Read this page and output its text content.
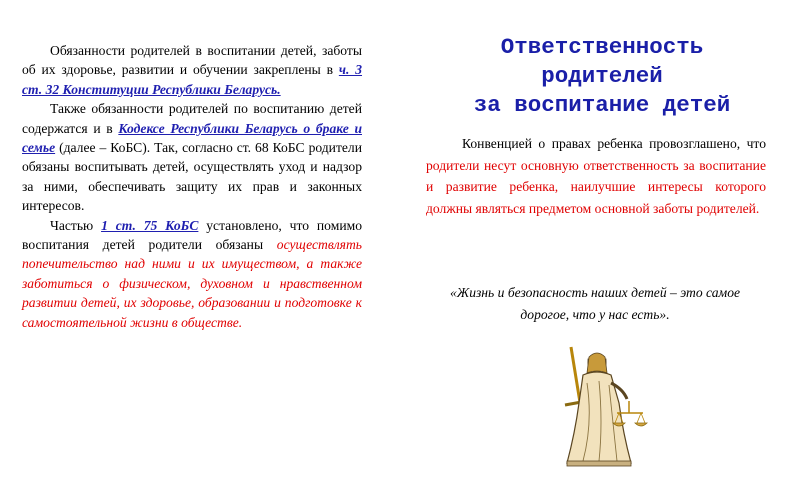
Обязанности родителей в воспитании детей, заботы об их здоровье, развитии и обучении закреплены в ч. 3 ст. 32 Конституции Республики Беларусь.

Также обязанности родителей по воспитанию детей содержатся и в Кодексе Республики Беларусь о браке и семье (далее – КоБС). Так, согласно ст. 68 КоБС родители обязаны воспитывать детей, осуществлять уход и надзор за ними, обеспечивать защиту их прав и законных интересов.

Частью 1 ст. 75 КоБС установлено, что помимо воспитания детей родители обязаны осуществлять попечительство над ними и их имуществом, а также заботиться о физическом, духовном и нравственном развитии детей, их здоровье, образовании и подготовке к самостоятельной жизни в обществе.

Ответственность
родителей
за воспитание детей

Конвенцией о правах ребенка провозглашено, что родители несут основную ответственность за воспитание и развитие ребенка, наилучшие интересы которого должны являться предметом основной заботы родителей.

«Жизнь и безопасность наших детей – это самое дорогое, что у нас есть».
